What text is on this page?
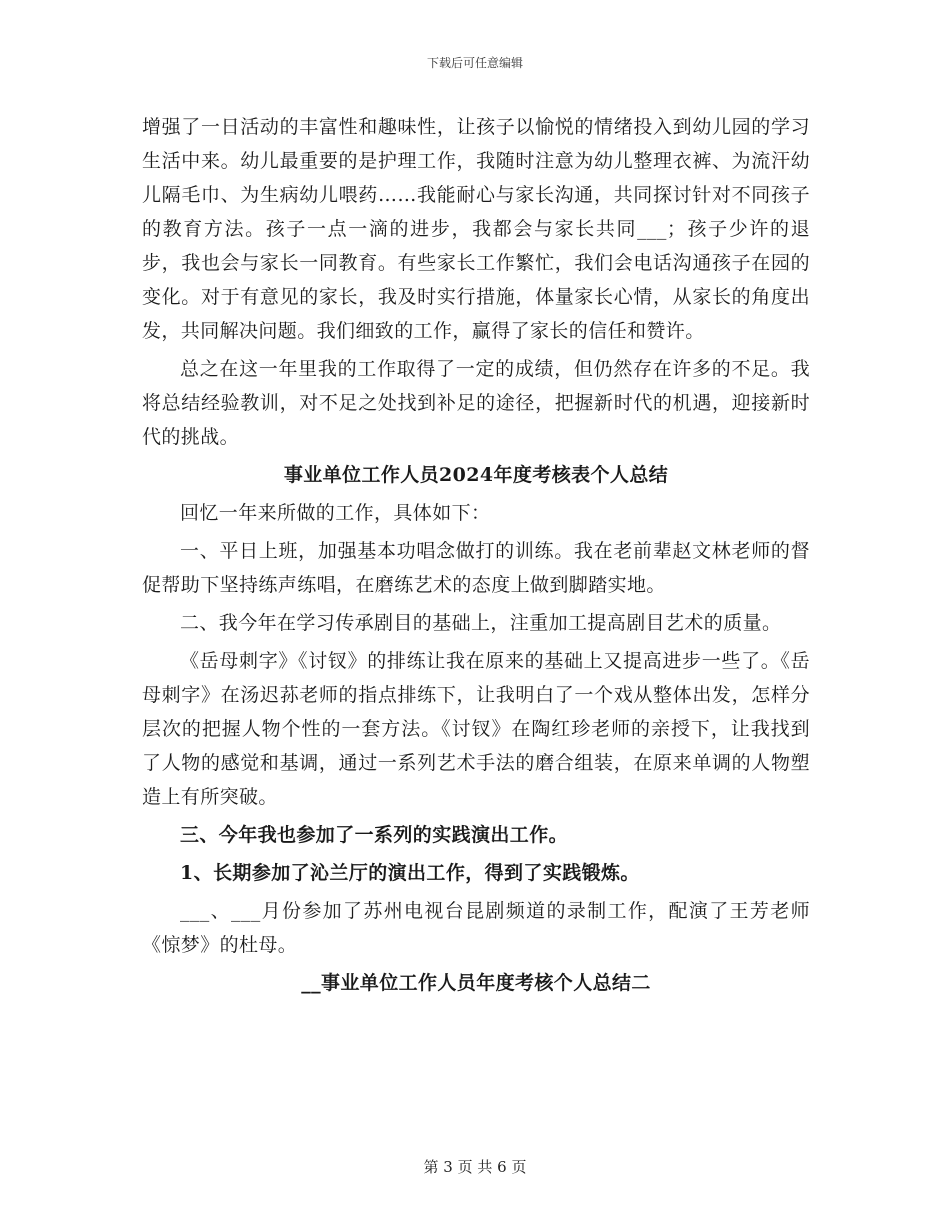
下载后可任意编辑

增强了一日活动的丰富性和趣味性，让孩子以愉悦的情绪投入到幼儿园的学习生活中来。幼儿最重要的是护理工作，我随时注意为幼儿整理衣裤、为流汗幼儿隔毛巾、为生病幼儿喂药……我能耐心与家长沟通，共同探讨针对不同孩子的教育方法。孩子一点一滴的进步，我都会与家长共同___；孩子少许的退步，我也会与家长一同教育。有些家长工作繁忙，我们会电话沟通孩子在园的变化。对于有意见的家长，我及时实行措施，体量家长心情，从家长的角度出发，共同解决问题。我们细致的工作，赢得了家长的信任和赞许。

总之在这一年里我的工作取得了一定的成绩，但仍然存在许多的不足。我将总结经验教训，对不足之处找到补足的途径，把握新时代的机遇，迎接新时代的挑战。

事业单位工作人员2024年度考核表个人总结

回忆一年来所做的工作，具体如下：

一、平日上班，加强基本功唱念做打的训练。我在老前辈赵文林老师的督促帮助下坚持练声练唱，在磨练艺术的态度上做到脚踏实地。

二、我今年在学习传承剧目的基础上，注重加工提高剧目艺术的质量。

《岳母刺字》《讨钗》的排练让我在原来的基础上又提高进步一些了。《岳母刺字》在汤迟荪老师的指点排练下，让我明白了一个戏从整体出发，怎样分层次的把握人物个性的一套方法。《讨钗》在陶红珍老师的亲授下，让我找到了人物的感觉和基调，通过一系列艺术手法的磨合组装，在原来单调的人物塑造上有所突破。

三、今年我也参加了一系列的实践演出工作。

1、长期参加了沁兰厅的演出工作，得到了实践锻炼。

___、___月份参加了苏州电视台昆剧频道的录制工作，配演了王芳老师《惊梦》的杜母。

__事业单位工作人员年度考核个人总结二

第 3 页 共 6 页
